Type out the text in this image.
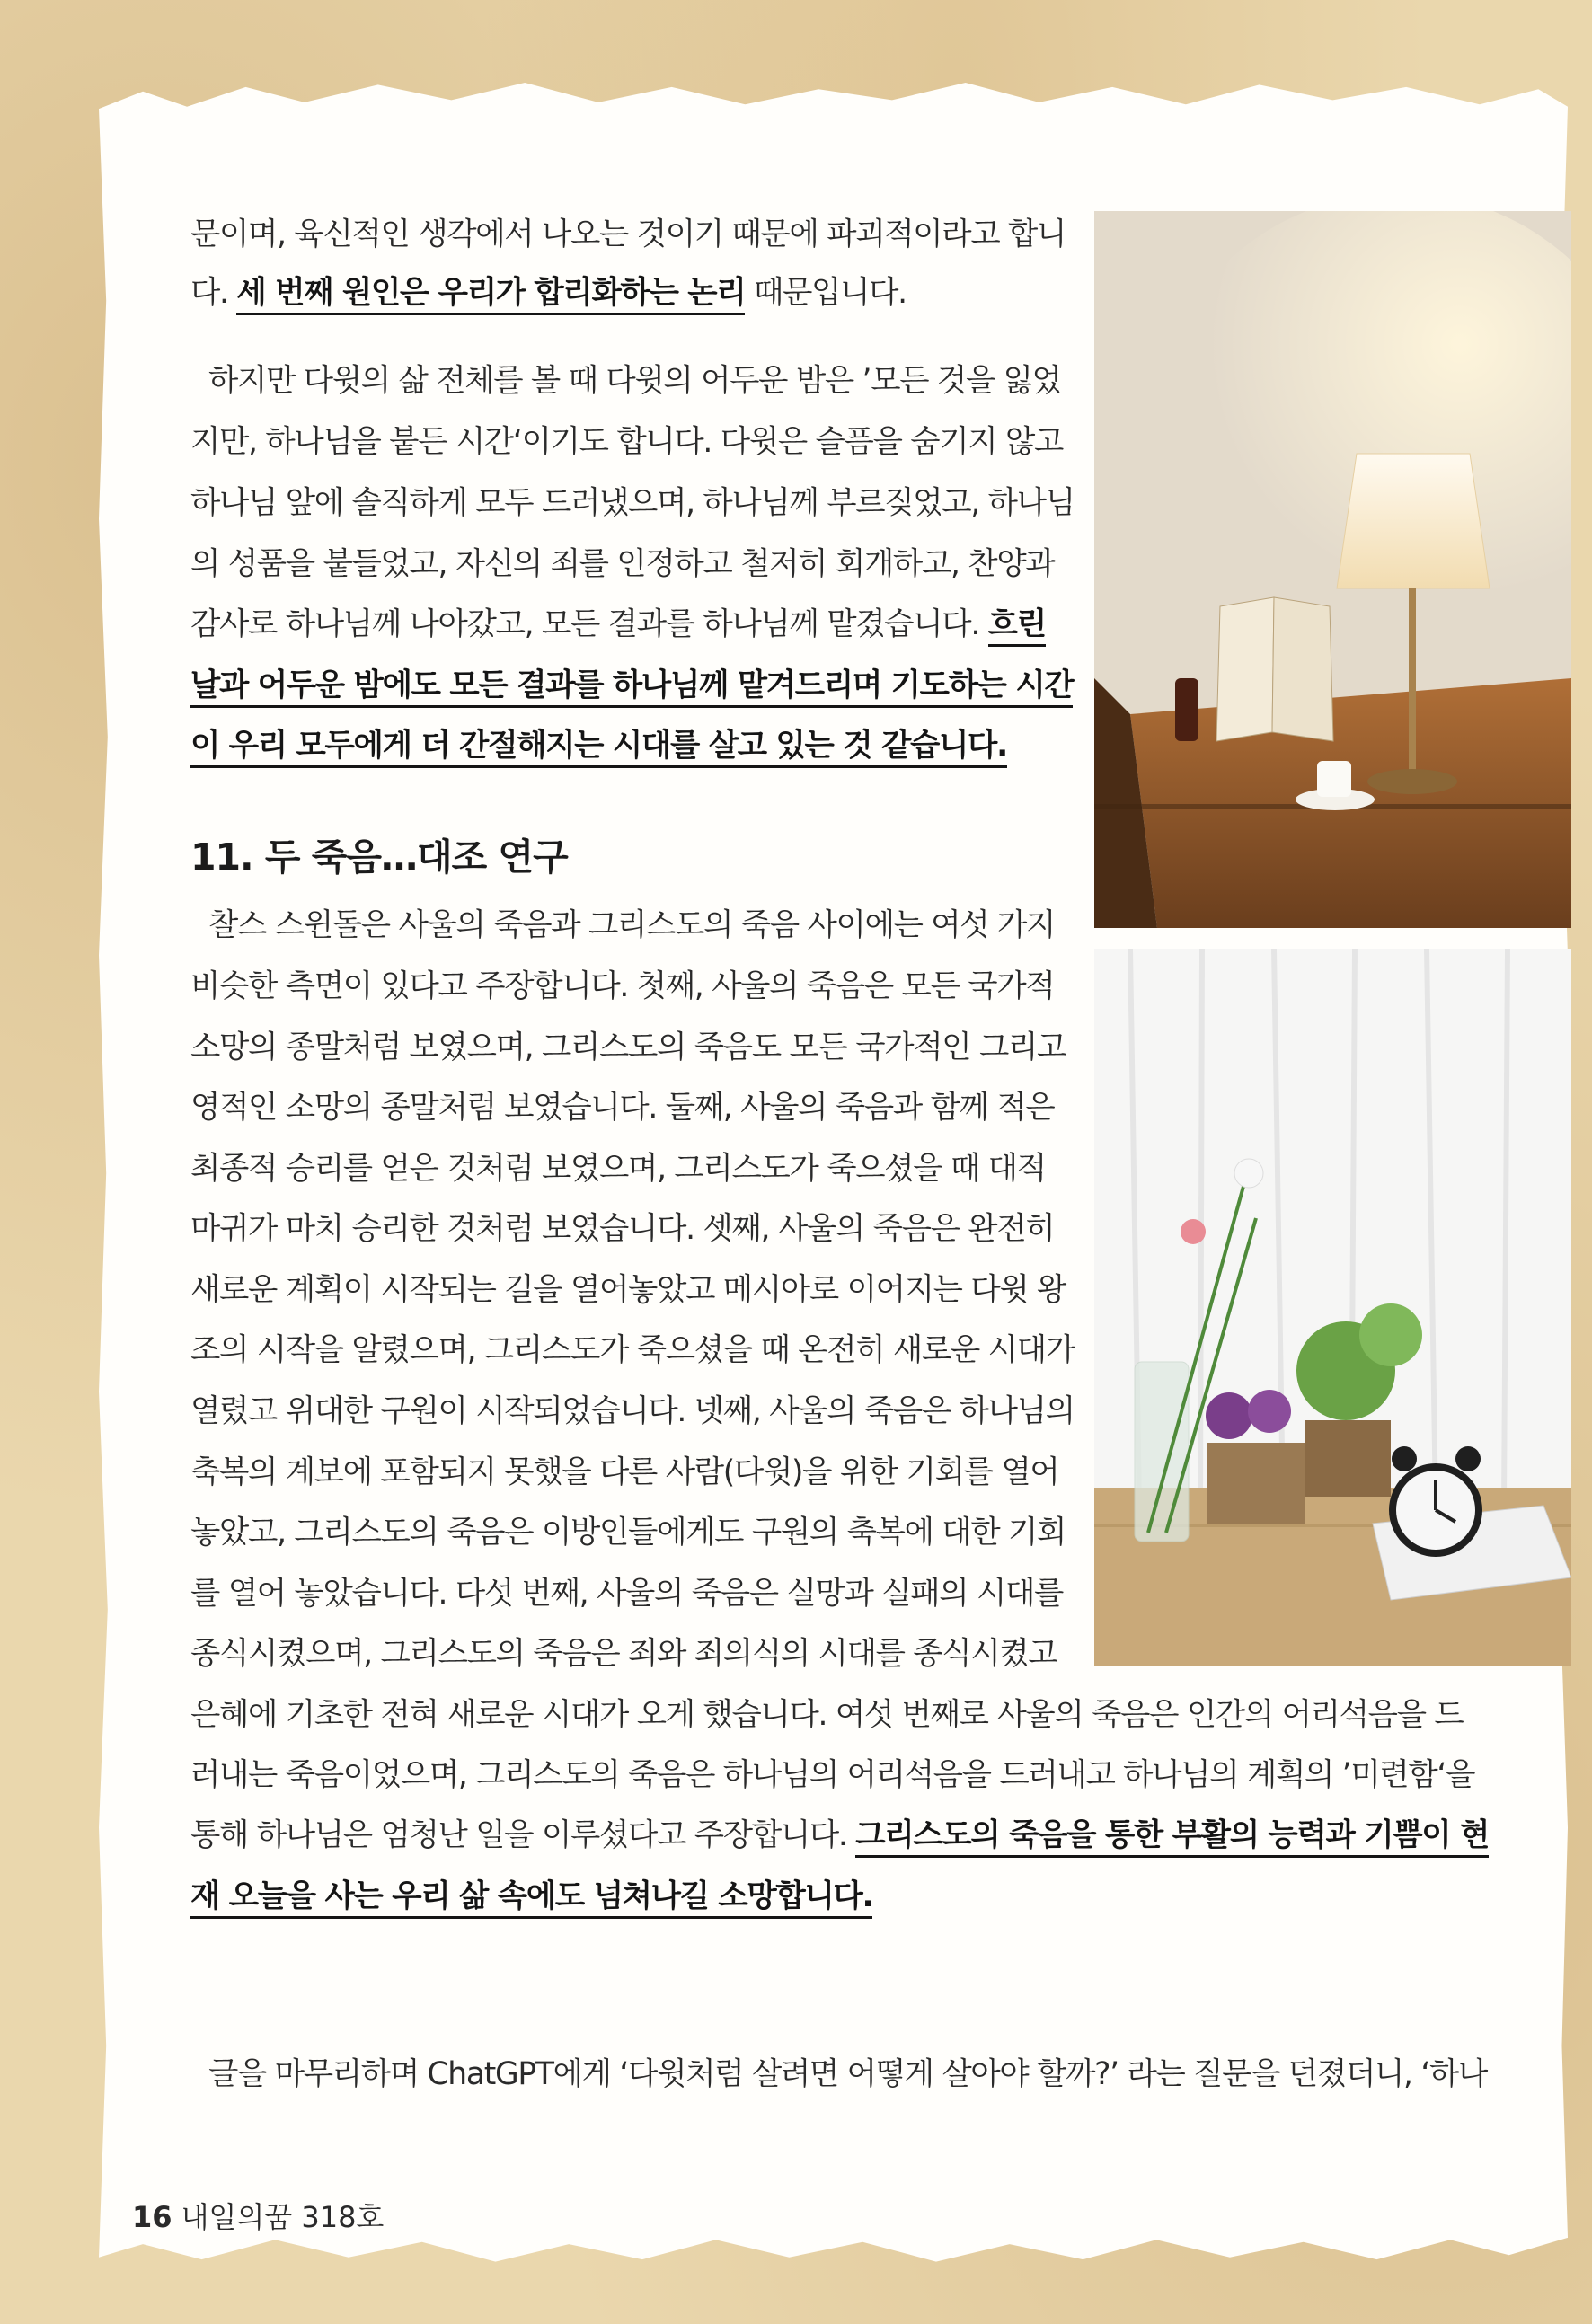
문이며, 육신적인 생각에서 나오는 것이기 때문에 파괴적이라고 합니
다. 세 번째 원인은 우리가 합리화하는 논리 때문입니다.
하지만 다윗의 삶 전체를 볼 때 다윗의 어두운 밤은 ’모든 것을 잃었
지만, 하나님을 붙든 시간‘이기도 합니다. 다윗은 슬픔을 숨기지 않고
하나님 앞에 솔직하게 모두 드러냈으며, 하나님께 부르짖었고, 하나님
의 성품을 붙들었고, 자신의 죄를 인정하고 철저히 회개하고, 찬양과
감사로 하나님께 나아갔고, 모든 결과를 하나님께 맡겼습니다. 흐린
날과 어두운 밤에도 모든 결과를 하나님께 맡겨드리며 기도하는 시간
이 우리 모두에게 더 간절해지는 시대를 살고 있는 것 같습니다.
찰스 스윈돌은 사울의 죽음과 그리스도의 죽음 사이에는 여섯 가지
비슷한 측면이 있다고 주장합니다. 첫째, 사울의 죽음은 모든 국가적
소망의 종말처럼 보였으며, 그리스도의 죽음도 모든 국가적인 그리고
영적인 소망의 종말처럼 보였습니다. 둘째, 사울의 죽음과 함께 적은
최종적 승리를 얻은 것처럼 보였으며, 그리스도가 죽으셨을 때 대적
마귀가 마치 승리한 것처럼 보였습니다. 셋째, 사울의 죽음은 완전히
새로운 계획이 시작되는 길을 열어놓았고 메시아로 이어지는 다윗 왕
조의 시작을 알렸으며, 그리스도가 죽으셨을 때 온전히 새로운 시대가
열렸고 위대한 구원이 시작되었습니다. 넷째, 사울의 죽음은 하나님의
축복의 계보에 포함되지 못했을 다른 사람(다윗)을 위한 기회를 열어
놓았고, 그리스도의 죽음은 이방인들에게도 구원의 축복에 대한 기회
를 열어 놓았습니다. 다섯 번째, 사울의 죽음은 실망과 실패의 시대를
종식시켰으며, 그리스도의 죽음은 죄와 죄의식의 시대를 종식시켰고
은혜에 기초한 전혀 새로운 시대가 오게 했습니다. 여섯 번째로 사울의 죽음은 인간의 어리석음을 드
러내는 죽음이었으며, 그리스도의 죽음은 하나님의 어리석음을 드러내고 하나님의 계획의 ’미련함‘을
통해 하나님은 엄청난 일을 이루셨다고 주장합니다. 그리스도의 죽음을 통한 부활의 능력과 기쁨이 현
재 오늘을 사는 우리 삶 속에도 넘쳐나길 소망합니다.
글을 마무리하며 ChatGPT에게 ‘다윗처럼 살려면 어떻게 살아야 할까?’ 라는 질문을 던졌더니, ‘하나
11. 두 죽음…대조 연구
16 내일의꿈 318호
